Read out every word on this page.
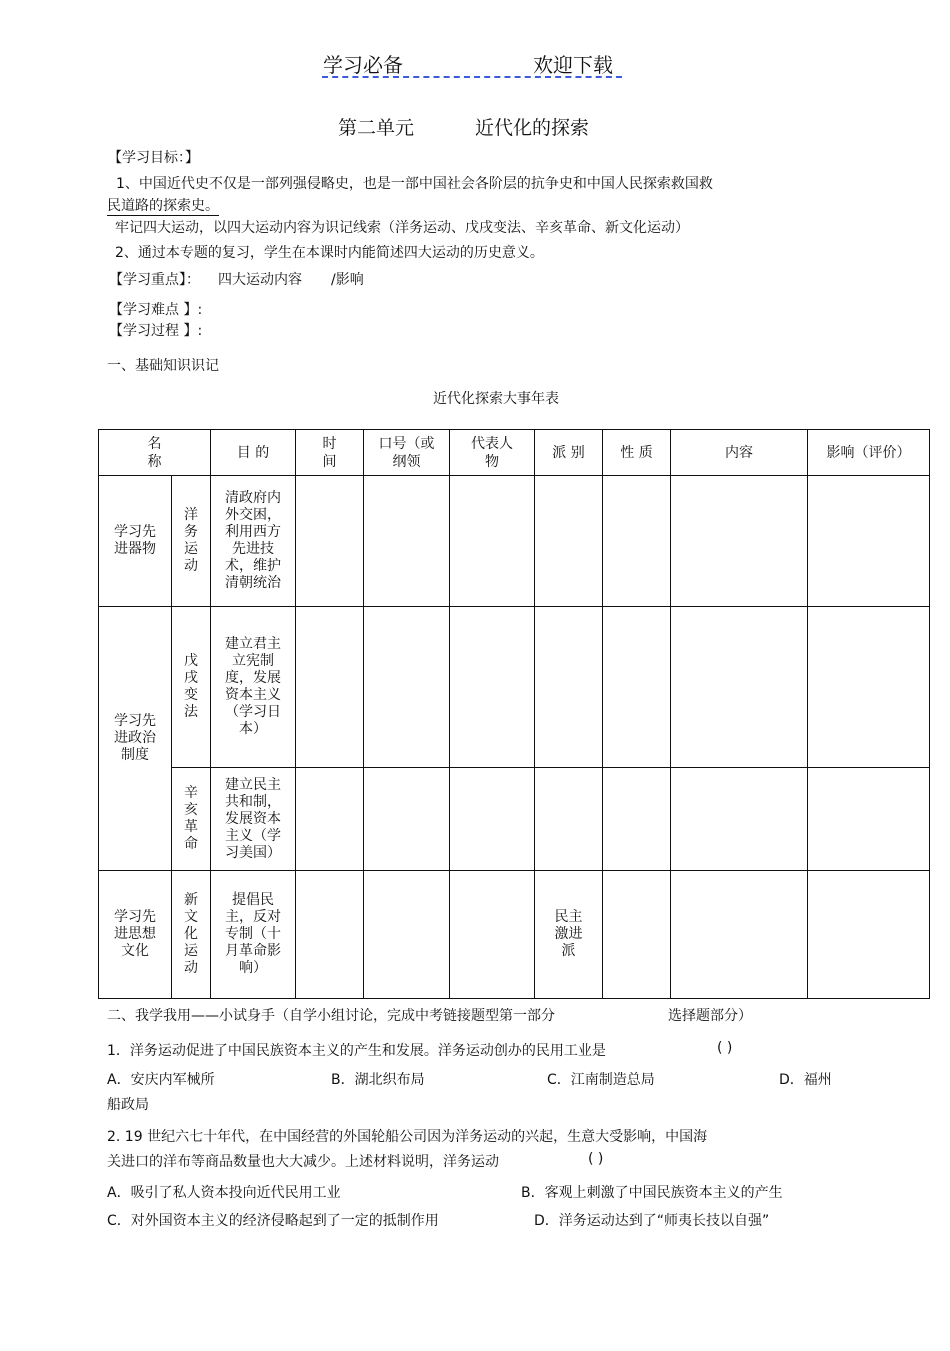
学习必备	欢迎下载
第二单元	近代化的探索
【学习目标：】
1、中国近代史不仅是一部列强侵略史，也是一部中国社会各阶层的抗争史和中国人民探索救国救
民道路的探索史。
牢记四大运动，以四大运动内容为识记线索（洋务运动、戊戌变法、辛亥革命、新文化运动）
2、通过本专题的复习，学生在本课时内能简述四大运动的历史意义。
【学习重点】： 四大运动内容 /影响
【学习难点 】:
【学习过程 】:
一、基础知识识记
近代化探索大事年表
名称		目 的	时间	口号（或纲领	代表人物	派 别	性 质	内容	影响（评价）
学习先进器物	洋务运动	清政府内外交困，利用西方先进技术，维护清朝统治							
学习先进政治制度	戊戌变法	建立君主立宪制度，发展资本主义（学习日本）							
	辛亥革命	建立民主共和制，发展资本主义（学习美国）							
学习先进思想文化	新文化运动	提倡民主，反对专制（十月革命影响）				民主激进派			
二、我学我用——小试身手（自学小组讨论，完成中考链接题型第一部分	选择题部分）
1．洋务运动促进了中国民族资本主义的产生和发展。洋务运动创办的民用工业是	( )
A．安庆内军械所	B．湖北织布局	C．江南制造总局	D．福州
船政局
2. 19 世纪六七十年代，在中国经营的外国轮船公司因为洋务运动的兴起，生意大受影响，中国海
关进口的洋布等商品数量也大大减少。上述材料说明，洋务运动	( )
A．吸引了私人资本投向近代民用工业	B．客观上刺激了中国民族资本主义的产生
C．对外国资本主义的经济侵略起到了一定的抵制作用	D．洋务运动达到了“师夷长技以自强”
